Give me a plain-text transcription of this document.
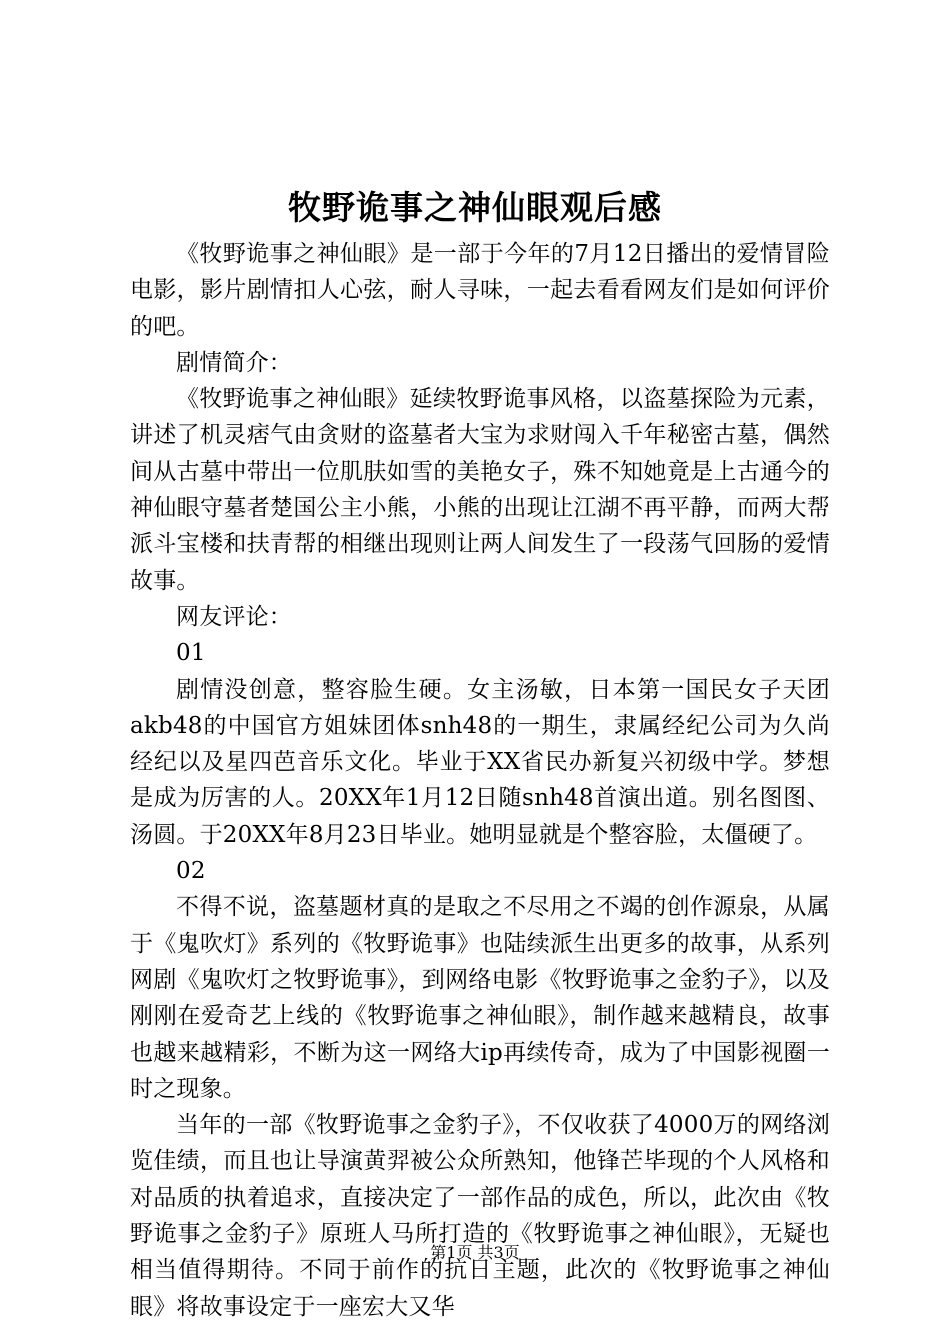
牧野诡事之神仙眼观后感

《牧野诡事之神仙眼》是一部于今年的7月12日播出的爱情冒险电影，影片剧情扣人心弦，耐人寻味，一起去看看网友们是如何评价的吧。

剧情简介：

《牧野诡事之神仙眼》延续牧野诡事风格，以盗墓探险为元素，讲述了机灵痞气由贪财的盗墓者大宝为求财闯入千年秘密古墓，偶然间从古墓中带出一位肌肤如雪的美艳女子，殊不知她竟是上古通今的神仙眼守墓者楚国公主小熊，小熊的出现让江湖不再平静，而两大帮派斗宝楼和扶青帮的相继出现则让两人间发生了一段荡气回肠的爱情故事。

网友评论：

01

剧情没创意，整容脸生硬。女主汤敏，日本第一国民女子天团akb48的中国官方姐妹团体snh48的一期生，隶属经纪公司为久尚经纪以及星四芭音乐文化。毕业于XX省民办新复兴初级中学。梦想是成为厉害的人。20XX年1月12日随snh48首演出道。别名图图、汤圆。于20XX年8月23日毕业。她明显就是个整容脸，太僵硬了。

02

不得不说，盗墓题材真的是取之不尽用之不竭的创作源泉，从属于《鬼吹灯》系列的《牧野诡事》也陆续派生出更多的故事，从系列网剧《鬼吹灯之牧野诡事》，到网络电影《牧野诡事之金豹子》，以及刚刚在爱奇艺上线的《牧野诡事之神仙眼》，制作越来越精良，故事也越来越精彩，不断为这一网络大ip再续传奇，成为了中国影视圈一时之现象。

当年的一部《牧野诡事之金豹子》，不仅收获了4000万的网络浏览佳绩，而且也让导演黄羿被公众所熟知，他锋芒毕现的个人风格和对品质的执着追求，直接决定了一部作品的成色，所以，此次由《牧野诡事之金豹子》原班人马所打造的《牧野诡事之神仙眼》，无疑也相当值得期待。不同于前作的抗日主题，此次的《牧野诡事之神仙眼》将故事设定于一座宏大又华

第1页 共3页
